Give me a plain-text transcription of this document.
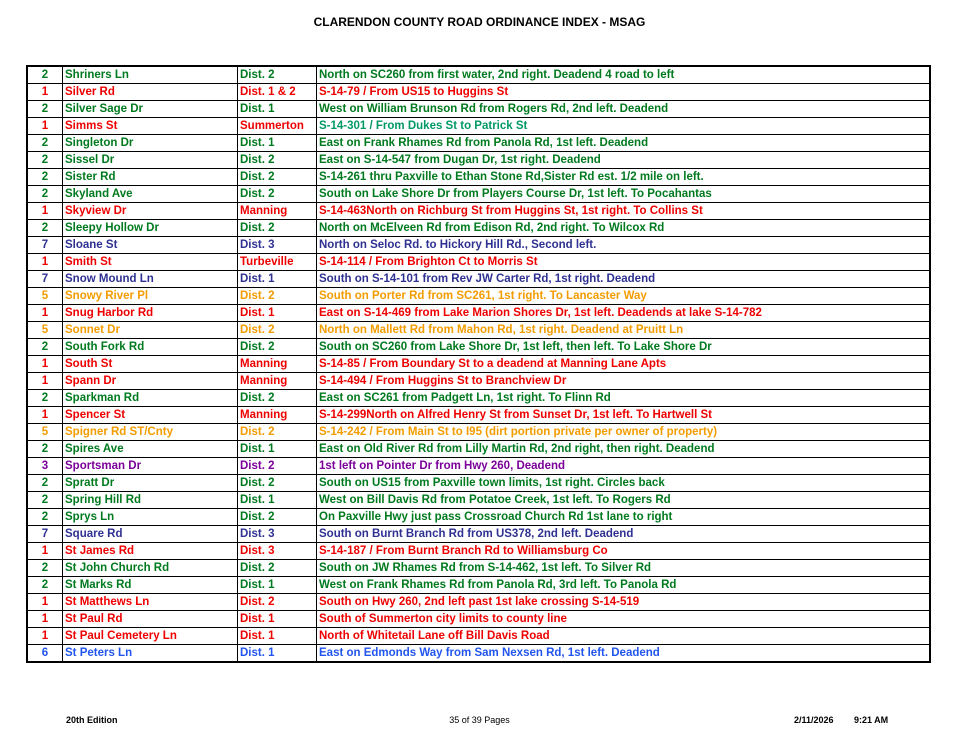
CLARENDON COUNTY ROAD ORDINANCE INDEX - MSAG
2	Shriners Ln	Dist. 2	North on SC260 from first water, 2nd right. Deadend 4 road to left
1	Silver Rd	Dist. 1 & 2	S-14-79 / From US15 to Huggins St
2	Silver Sage Dr	Dist. 1	West on William Brunson Rd from Rogers Rd, 2nd left. Deadend
1	Simms St	Summerton	S-14-301 / From Dukes St to Patrick St
2	Singleton Dr	Dist. 1	East on Frank Rhames Rd from Panola Rd, 1st left. Deadend
2	Sissel Dr	Dist. 2	East on S-14-547 from Dugan Dr, 1st right. Deadend
2	Sister Rd	Dist. 2	S-14-261 thru Paxville to Ethan Stone Rd,Sister Rd est. 1/2 mile on left.
2	Skyland Ave	Dist. 2	South on Lake Shore Dr from Players Course Dr, 1st left. To Pocahantas
1	Skyview Dr	Manning	S-14-463North on Richburg St from Huggins St, 1st right. To Collins St
2	Sleepy Hollow Dr	Dist. 2	North on McElveen Rd from Edison Rd, 2nd right. To Wilcox Rd
7	Sloane St	Dist. 3	North on Seloc Rd. to Hickory Hill Rd., Second left.
1	Smith St	Turbeville	S-14-114 / From Brighton Ct to Morris St
7	Snow Mound Ln	Dist. 1	South on S-14-101 from Rev JW Carter Rd, 1st right. Deadend
5	Snowy River Pl	Dist. 2	South on Porter Rd from SC261, 1st right. To Lancaster Way
1	Snug Harbor Rd	Dist. 1	East on S-14-469 from Lake Marion Shores Dr, 1st left. Deadends at lake S-14-782
5	Sonnet Dr	Dist. 2	North on Mallett Rd from Mahon Rd, 1st right. Deadend at Pruitt Ln
2	South Fork Rd	Dist. 2	South on SC260 from Lake Shore Dr, 1st left, then left. To Lake Shore Dr
1	South St	Manning	S-14-85 / From Boundary St to a deadend at Manning Lane Apts
1	Spann Dr	Manning	S-14-494 / From Huggins St to Branchview Dr
2	Sparkman Rd	Dist. 2	East on SC261 from Padgett Ln, 1st right. To Flinn Rd
1	Spencer St	Manning	S-14-299North on Alfred Henry St from Sunset Dr, 1st left. To Hartwell St
5	Spigner Rd ST/Cnty	Dist. 2	S-14-242 / From Main St to I95 (dirt portion private per owner of property)
2	Spires Ave	Dist. 1	East on Old River Rd from Lilly Martin Rd, 2nd right, then right. Deadend
3	Sportsman Dr	Dist. 2	1st left on Pointer Dr from Hwy 260, Deadend
2	Spratt Dr	Dist. 2	South on US15 from Paxville town limits, 1st right. Circles back
2	Spring Hill Rd	Dist. 1	West on Bill Davis Rd from Potatoe Creek, 1st left. To Rogers Rd
2	Sprys Ln	Dist. 2	On Paxville Hwy just pass Crossroad Church Rd 1st lane to right
7	Square Rd	Dist. 3	South on Burnt Branch Rd from US378, 2nd left. Deadend
1	St James Rd	Dist. 3	S-14-187 / From Burnt Branch Rd to Williamsburg Co
2	St John Church Rd	Dist. 2	South on JW Rhames Rd from S-14-462, 1st left. To Silver Rd
2	St Marks Rd	Dist. 1	West on Frank Rhames Rd from Panola Rd, 3rd left. To Panola Rd
1	St Matthews Ln	Dist. 2	South on Hwy 260, 2nd left past 1st lake crossing S-14-519
1	St Paul Rd	Dist. 1	South of Summerton city limits to county line
1	St Paul Cemetery Ln	Dist. 1	North of Whitetail Lane off Bill Davis Road
6	St Peters Ln	Dist. 1	East on Edmonds Way from Sam Nexsen Rd, 1st left. Deadend
20th Edition	35 of 39 Pages	2/11/2026 9:21 AM
